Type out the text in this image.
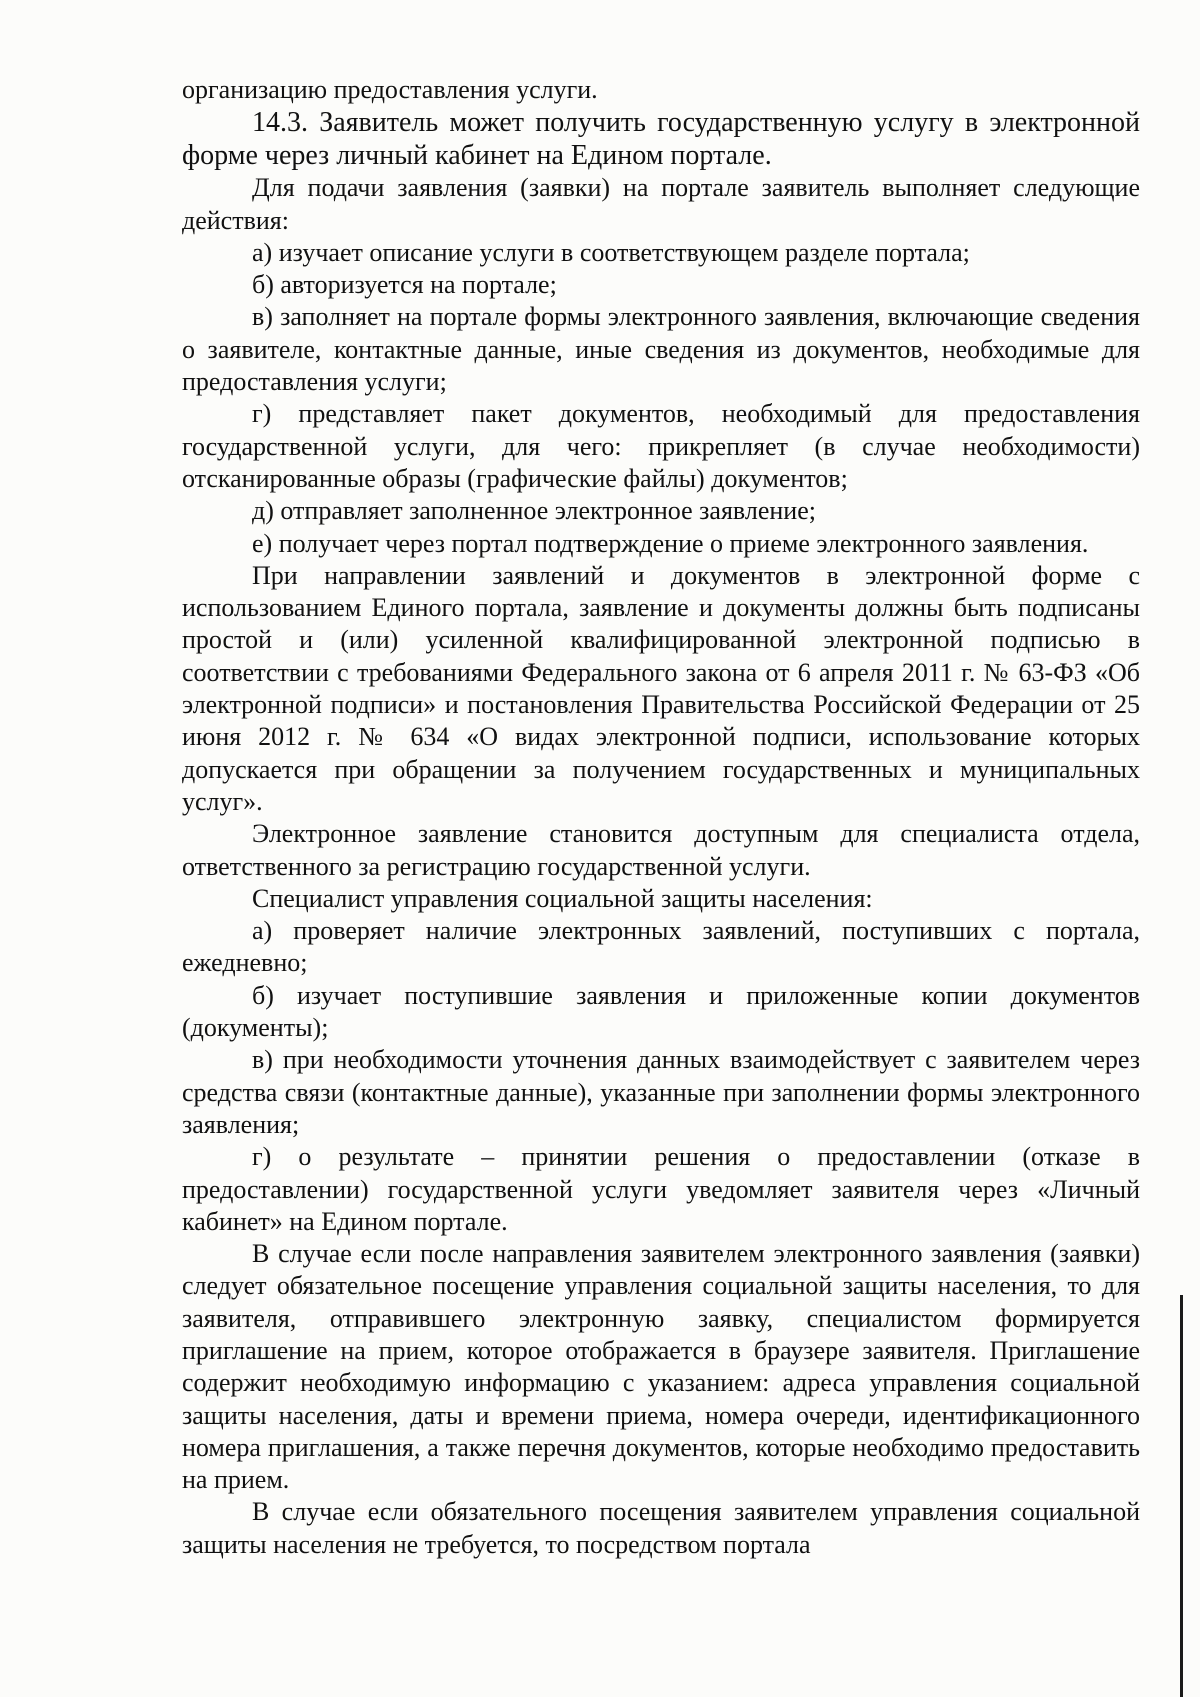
организацию предоставления услуги.

14.3. Заявитель может получить государственную услугу в электронной форме через личный кабинет на Едином портале.

Для подачи заявления (заявки) на портале заявитель выполняет следующие действия:

а) изучает описание услуги в соответствующем разделе портала;

б) авторизуется на портале;

в) заполняет на портале формы электронного заявления, включающие сведения о заявителе, контактные данные, иные сведения из документов, необходимые для предоставления услуги;

г) представляет пакет документов, необходимый для предоставления государственной услуги, для чего: прикрепляет (в случае необходимости) отсканированные образы (графические файлы) документов;

д) отправляет заполненное электронное заявление;

е) получает через портал подтверждение о приеме электронного заявления.

При направлении заявлений и документов в электронной форме с использованием Единого портала, заявление и документы должны быть подписаны простой и (или) усиленной квалифицированной электронной подписью в соответствии с требованиями Федерального закона от 6 апреля 2011 г. № 63-ФЗ «Об электронной подписи» и постановления Правительства Российской Федерации от 25 июня 2012 г. № 634 «О видах электронной подписи, использование которых допускается при обращении за получением государственных и муниципальных услуг».

Электронное заявление становится доступным для специалиста отдела, ответственного за регистрацию государственной услуги.

Специалист управления социальной защиты населения:

а) проверяет наличие электронных заявлений, поступивших с портала, ежедневно;

б) изучает поступившие заявления и приложенные копии документов (документы);

в) при необходимости уточнения данных взаимодействует с заявителем через средства связи (контактные данные), указанные при заполнении формы электронного заявления;

г) о результате – принятии решения о предоставлении (отказе в предоставлении) государственной услуги уведомляет заявителя через «Личный кабинет» на Едином портале.

В случае если после направления заявителем электронного заявления (заявки) следует обязательное посещение управления социальной защиты населения, то для заявителя, отправившего электронную заявку, специалистом формируется приглашение на прием, которое отображается в браузере заявителя. Приглашение содержит необходимую информацию с указанием: адреса управления социальной защиты населения, даты и времени приема, номера очереди, идентификационного номера приглашения, а также перечня документов, которые необходимо предоставить на прием.

В случае если обязательного посещения заявителем управления социальной защиты населения не требуется, то посредством портала
